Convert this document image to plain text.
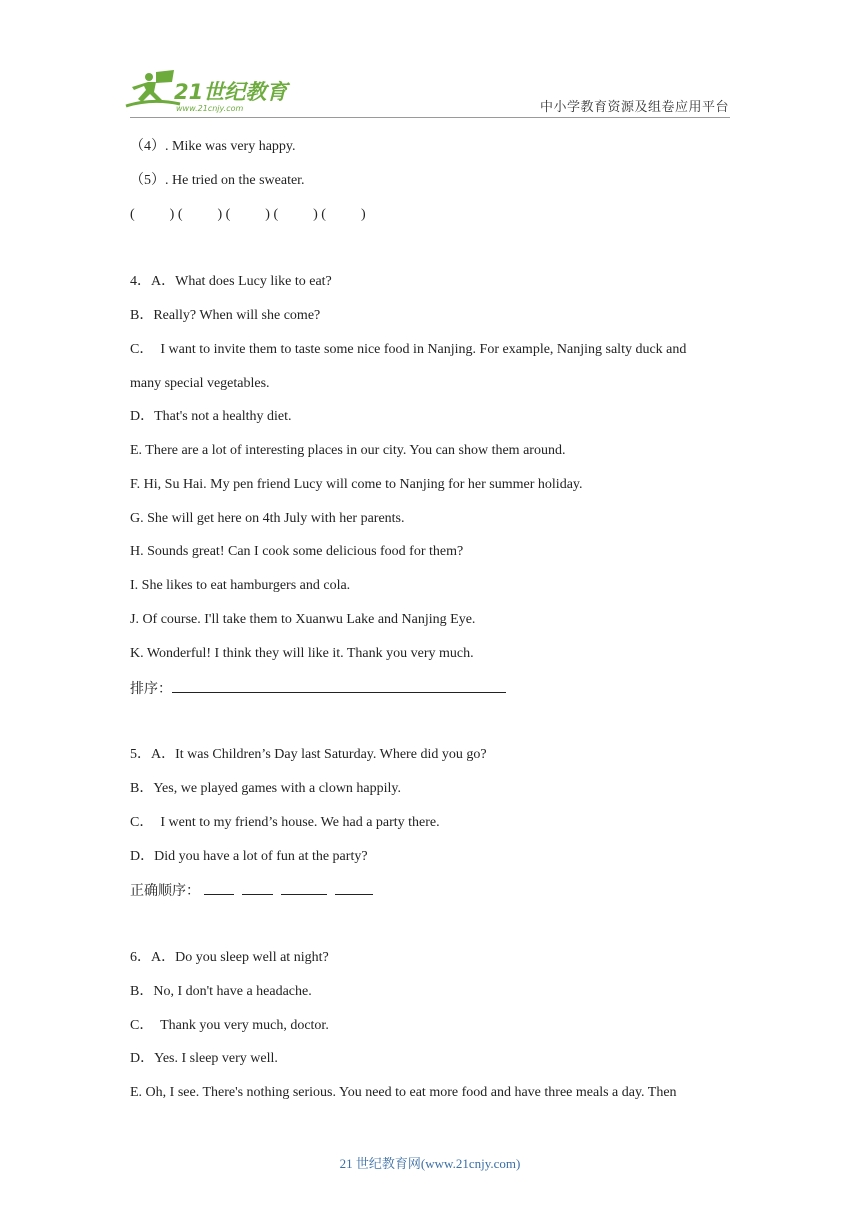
21世纪教育
www.21cnjy.com	中小学教育资源及组卷应用平台
（4）. Mike was very happy.
（5）. He tried on the sweater.
(          ) (          ) (          ) (          ) (          )
4．A．What does Lucy like to eat?
B．Really? When will she come?
C．  I want to invite them to taste some nice food in Nanjing. For example, Nanjing salty duck and
many special vegetables.
D．That's not a healthy diet.
E. There are a lot of interesting places in our city. You can show them around.
F. Hi, Su Hai. My pen friend Lucy will come to Nanjing for her summer holiday.
G. She will get here on 4th July with her parents.
H. Sounds great! Can I cook some delicious food for them?
I. She likes to eat hamburgers and cola.
J. Of course. I'll take them to Xuanwu Lake and Nanjing Eye.
K. Wonderful! I think they will like it. Thank you very much.
排序：
5．A．It was Children’s Day last Saturday. Where did you go?
B．Yes, we played games with a clown happily.
C．  I went to my friend’s house. We had a party there.
D．Did you have a lot of fun at the party?
正确顺序：
6．A．Do you sleep well at night?
B．No, I don't have a headache.
C．  Thank you very much, doctor.
D．Yes. I sleep very well.
E. Oh, I see. There's nothing serious. You need to eat more food and have three meals a day. Then
21 世纪教育网(www.21cnjy.com)
